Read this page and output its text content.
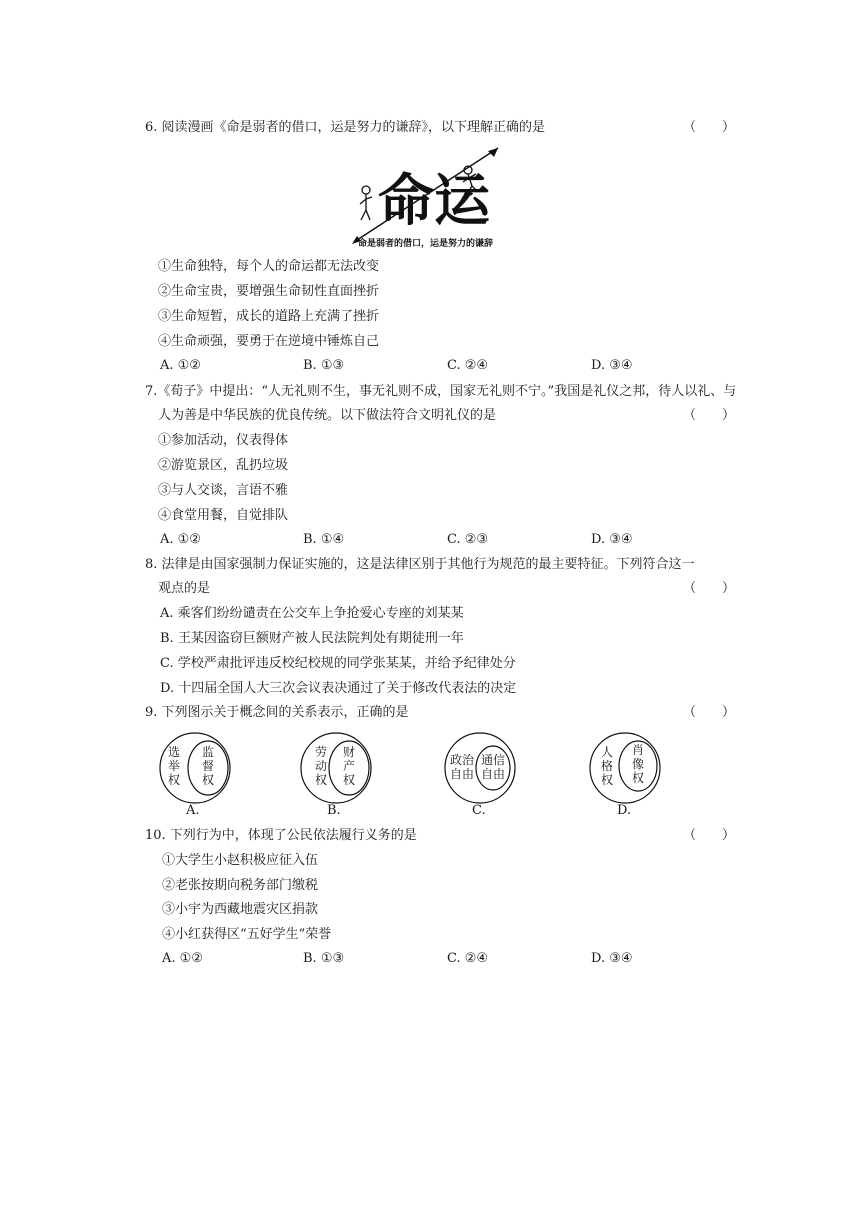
6. 阅读漫画《命是弱者的借口，运是努力的谦辞》，以下理解正确的是	（　　）
命运
命是弱者的借口，运是努力的谦辞
①生命独特，每个人的命运都无法改变
②生命宝贵，要增强生命韧性直面挫折
③生命短暂，成长的道路上充满了挫折
④生命顽强，要勇于在逆境中锤炼自己
A. ①②	B. ①③	C. ②④	D. ③④
7.《荀子》中提出：“人无礼则不生，事无礼则不成，国家无礼则不宁。”我国是礼仪之邦，待人以礼、与
人为善是中华民族的优良传统。以下做法符合文明礼仪的是	（　　）
①参加活动，仪表得体
②游览景区，乱扔垃圾
③与人交谈，言语不雅
④食堂用餐，自觉排队
A. ①②	B. ①④	C. ②③	D. ③④
8. 法律是由国家强制力保证实施的，这是法律区别于其他行为规范的最主要特征。下列符合这一
观点的是	（　　）
A. 乘客们纷纷谴责在公交车上争抢爱心专座的刘某某
B. 王某因盗窃巨额财产被人民法院判处有期徒刑一年
C. 学校严肃批评违反校纪校规的同学张某某，并给予纪律处分
D. 十四届全国人大三次会议表决通过了关于修改代表法的决定
9. 下列图示关于概念间的关系表示，正确的是	（　　）
选
举
权
监
督
权
A.
劳
动
权
财
产
权
B.
政治
自由
通信
自由
C.
人
格
权
肖
像
权
D.
10. 下列行为中，体现了公民依法履行义务的是	（　　）
①大学生小赵积极应征入伍
②老张按期向税务部门缴税
③小宇为西藏地震灾区捐款
④小红获得区“五好学生”荣誉
A. ①②	B. ①③	C. ②④	D. ③④
